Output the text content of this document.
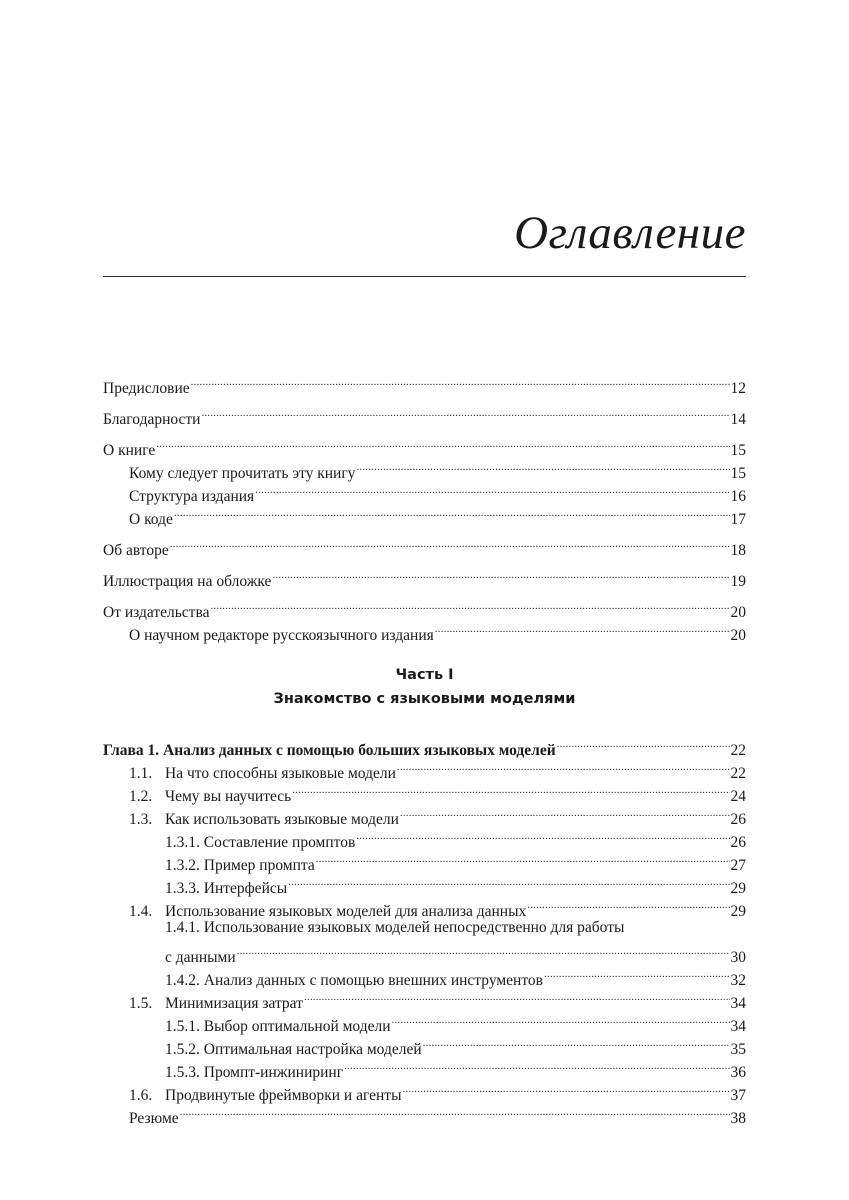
Оглавление
Предисловие .....	12
Благодарности .....	14
О книге .....	15
Кому следует прочитать эту книгу .....	15
Структура издания .....	16
О коде .....	17
Об авторе .....	18
Иллюстрация на обложке .....	19
От издательства .....	20
О научном редакторе русскоязычного издания .....	20
Часть I
Знакомство с языковыми моделями
Глава 1. Анализ данных с помощью больших языковых моделей .....	22
1.1. На что способны языковые модели .....	22
1.2. Чему вы научитесь .....	24
1.3. Как использовать языковые модели .....	26
1.3.1. Составление промптов .....	26
1.3.2. Пример промпта .....	27
1.3.3. Интерфейсы .....	29
1.4. Использование языковых моделей для анализа данных .....	29
1.4.1. Использование языковых моделей непосредственно для работы
с данными .....	30
1.4.2. Анализ данных с помощью внешних инструментов .....	32
1.5. Минимизация затрат .....	34
1.5.1. Выбор оптимальной модели .....	34
1.5.2. Оптимальная настройка моделей .....	35
1.5.3. Промпт-инжиниринг .....	36
1.6. Продвинутые фреймворки и агенты .....	37
Резюме .....	38
